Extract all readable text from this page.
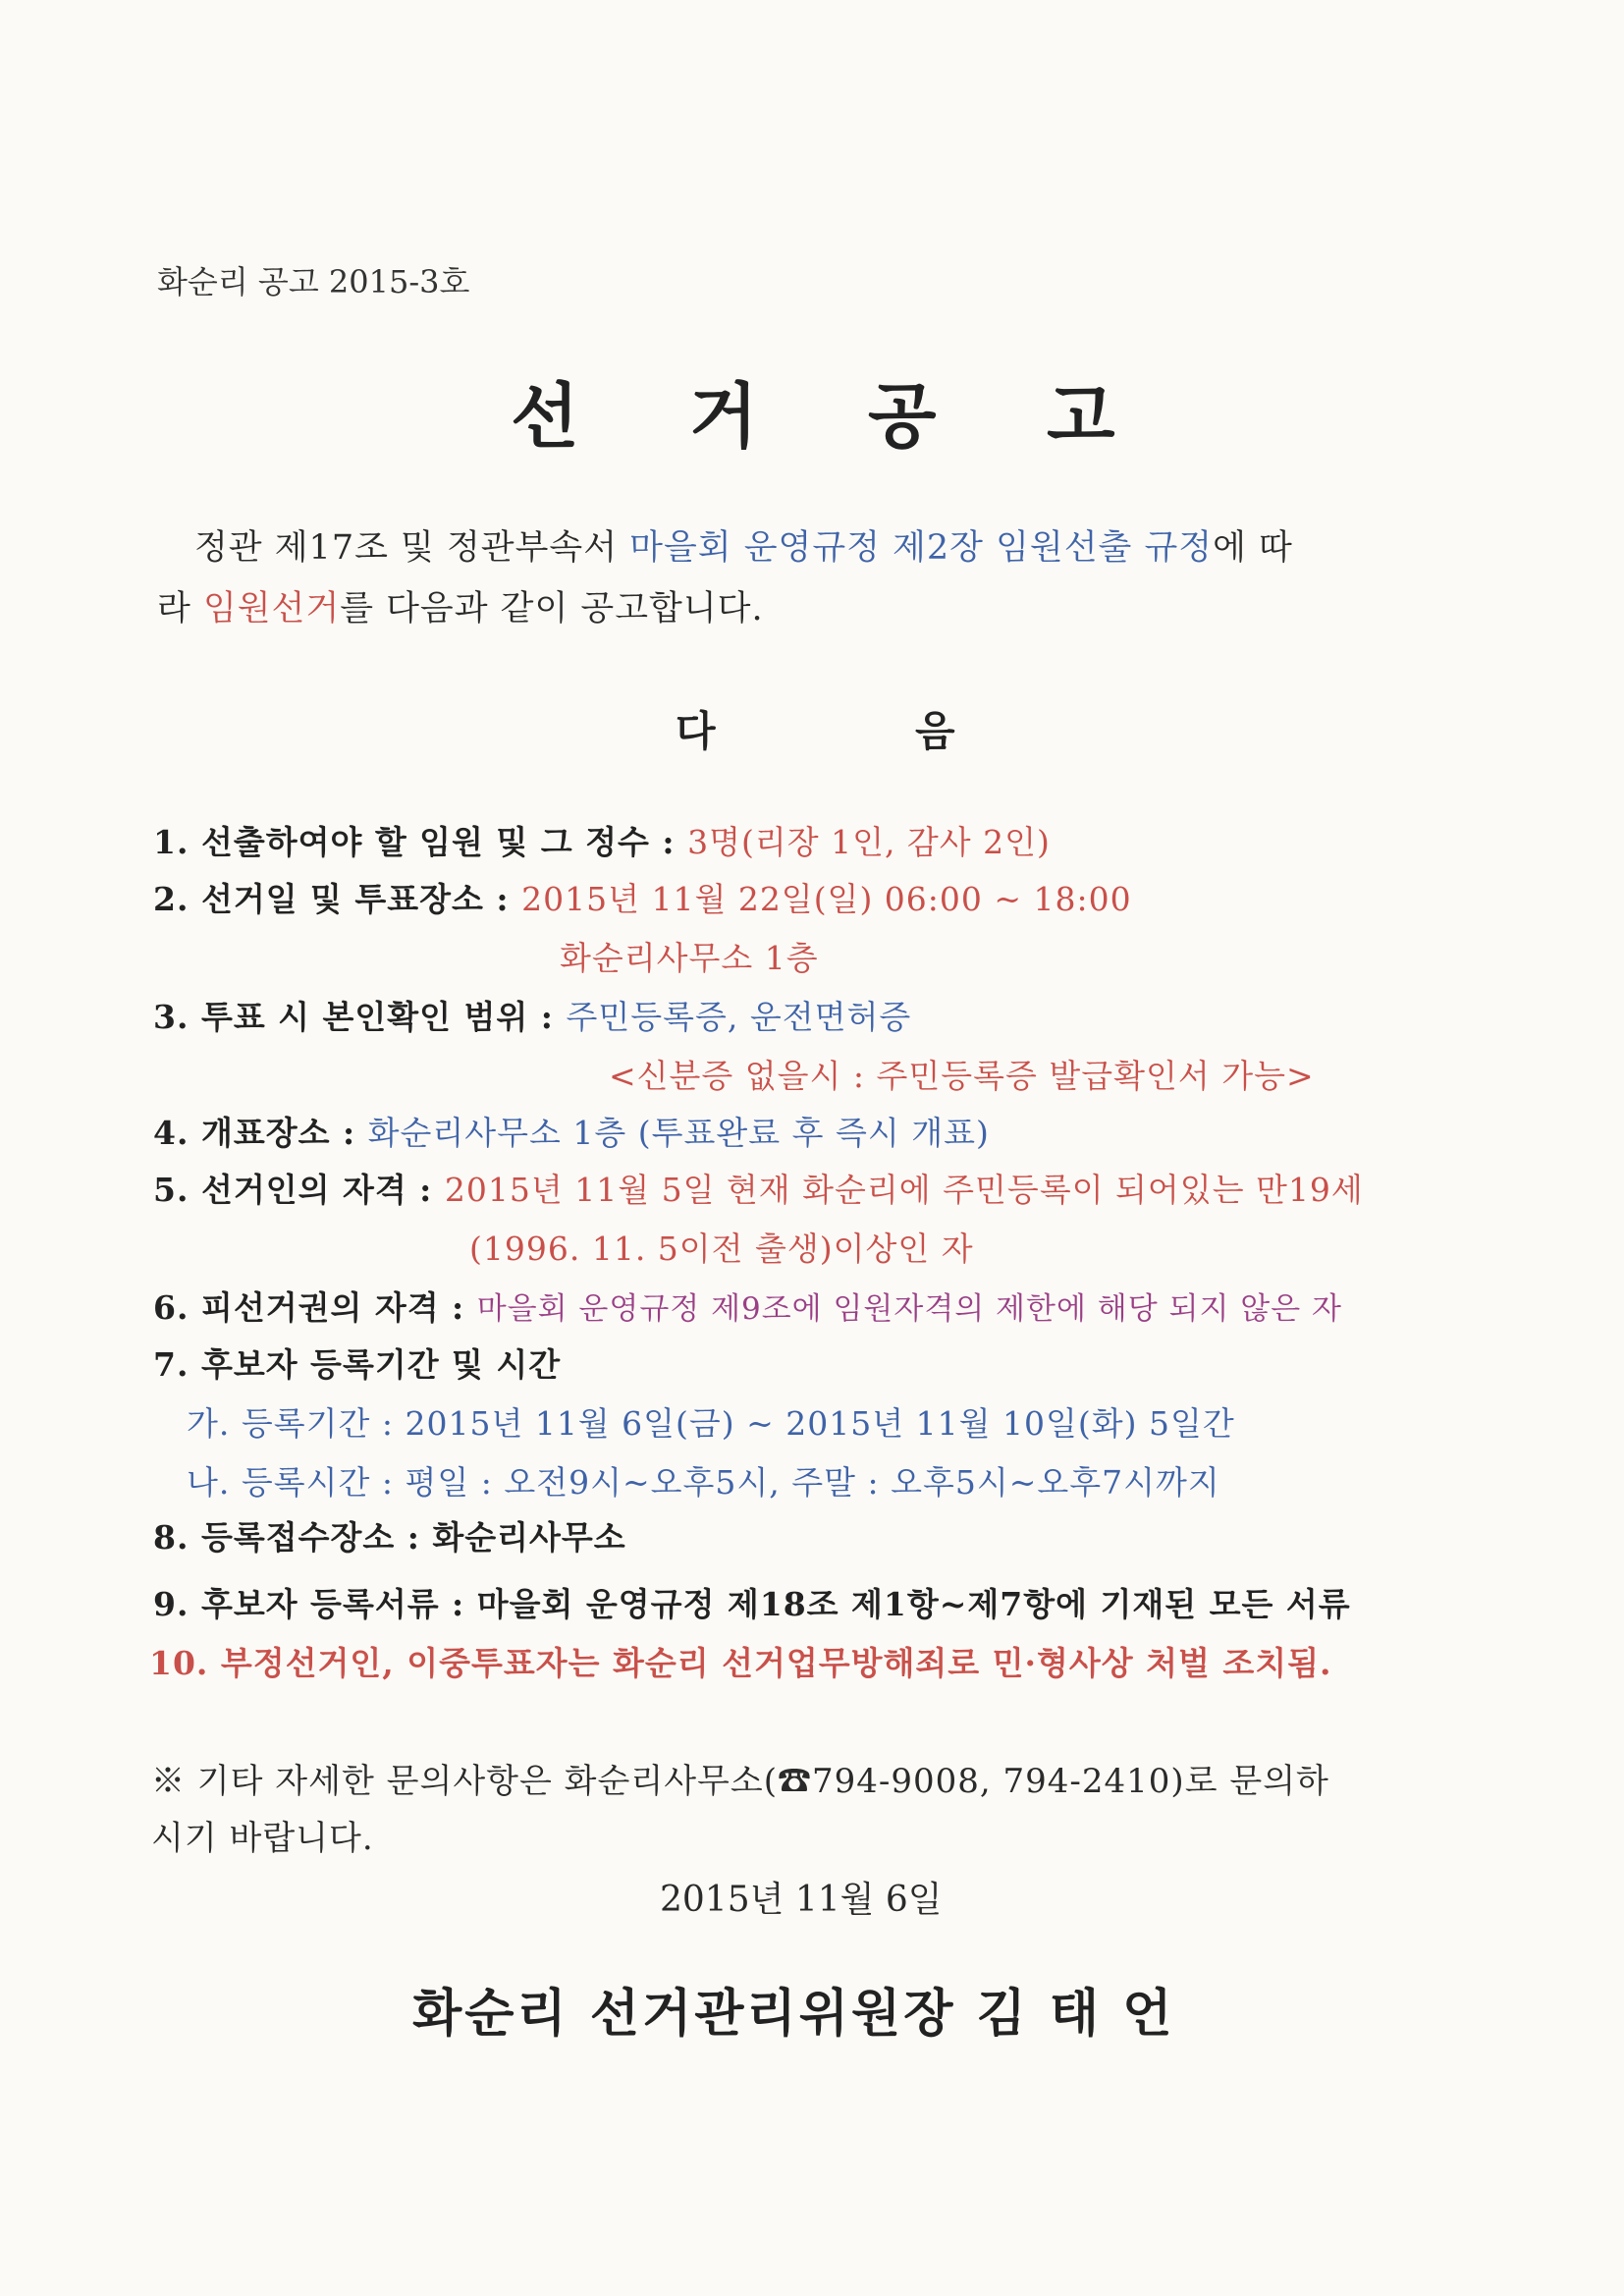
화순리 공고 2015-3호
선 거 공 고
정관 제17조 및 정관부속서 마을회 운영규정 제2장 임원선출 규정에 따
라 임원선거를 다음과 같이 공고합니다.
다	음
1. 선출하여야 할 임원 및 그 정수 : 3명(리장 1인, 감사 2인)
2. 선거일 및 투표장소 : 2015년 11월 22일(일) 06:00 ~ 18:00
화순리사무소 1층
3. 투표 시 본인확인 범위 : 주민등록증, 운전면허증
<신분증 없을시 : 주민등록증 발급확인서 가능>
4. 개표장소 : 화순리사무소 1층 (투표완료 후 즉시 개표)
5. 선거인의 자격 : 2015년 11월 5일 현재 화순리에 주민등록이 되어있는 만19세
(1996. 11. 5이전 출생)이상인 자
6. 피선거권의 자격 : 마을회 운영규정 제9조에 임원자격의 제한에 해당 되지 않은 자
7. 후보자 등록기간 및 시간
가. 등록기간 : 2015년 11월 6일(금) ~ 2015년 11월 10일(화) 5일간
나. 등록시간 : 평일 : 오전9시~오후5시, 주말 : 오후5시~오후7시까지
8. 등록접수장소 : 화순리사무소
9. 후보자 등록서류 : 마을회 운영규정 제18조 제1항~제7항에 기재된 모든 서류
10. 부정선거인, 이중투표자는 화순리 선거업무방해죄로 민·형사상 처벌 조치됨.
※ 기타 자세한 문의사항은 화순리사무소(☎794-9008, 794-2410)로 문의하
시기 바랍니다.
2015년 11월 6일
화순리 선거관리위원장 김 태 언
